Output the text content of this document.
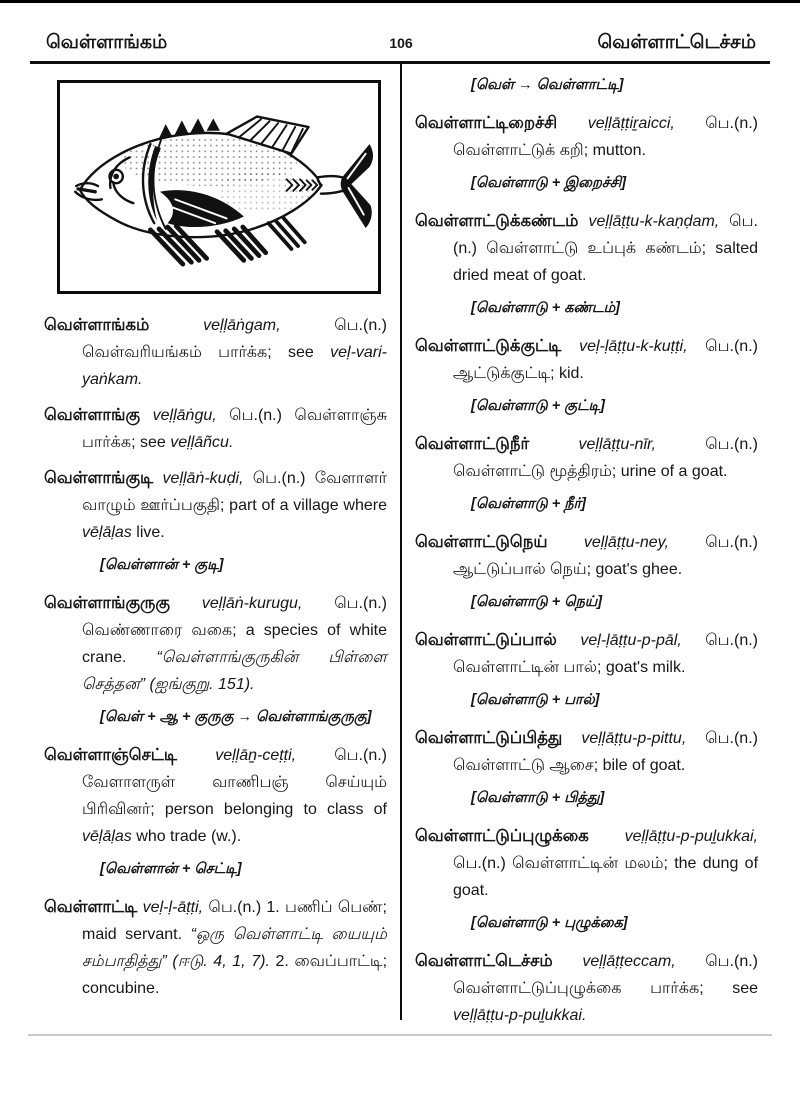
வெள்ளாங்கம்	106	வெள்ளாட்டெச்சம்

வெள்ளாங்கம் veḷḷāṅgam, பெ.(n.) வெள்வரியங்கம் பார்க்க; see veḷ-vari-yaṅkam.

வெள்ளாங்கு veḷḷāṅgu, பெ.(n.) வெள்ளாஞ்சு பார்க்க; see veḷḷāñcu.

வெள்ளாங்குடி veḷḷāṅ-kuḍi, பெ.(n.) வேளாளர் வாழும் ஊர்ப்பகுதி; part of a village where vēḷāḷas live.

[வெள்ளான் + குடி]

வெள்ளாங்குருகு veḷḷāṅ-kurugu, பெ.(n.) வெண்ணாரை வகை; a species of white crane. “வெள்ளாங்குருகின் பிள்ளை செத்தன” (ஐங்குறு. 151).

[வெள் + ஆ + குருகு → வெள்ளாங்குருகு]

வெள்ளாஞ்செட்டி veḷḷāṉ-ceṭṭi, பெ.(n.) வேளாளருள் வாணிபஞ் செய்யும் பிரிவினர்; person belonging to class of vēḷāḷas who trade (w.).

[வெள்ளான் + செட்டி]

வெள்ளாட்டி veḷ-ḷ-āṭṭi, பெ.(n.) 1. பணிப் பெண்; maid servant. “ஒரு வெள்ளாட்டி யையும் சம்பாதித்து” (ஈடு. 4, 1, 7). 2. வைப்பாட்டி; concubine.

[வெள் → வெள்ளாட்டி]

வெள்ளாட்டிறைச்சி veḷḷāṭṭiṟaicci, பெ.(n.) வெள்ளாட்டுக் கறி; mutton.

[வெள்ளாடு + இறைச்சி]

வெள்ளாட்டுக்கண்டம் veḷḷāṭṭu-k-kaṇḍam, பெ.(n.) வெள்ளாட்டு உப்புக் கண்டம்; salted dried meat of goat.

[வெள்ளாடு + கண்டம்]

வெள்ளாட்டுக்குட்டி veḷ-ḷāṭṭu-k-kuṭṭi, பெ.(n.) ஆட்டுக்குட்டி; kid.

[வெள்ளாடு + குட்டி]

வெள்ளாட்டுநீர் veḷḷāṭṭu-nīr, பெ.(n.) வெள்ளாட்டு மூத்திரம்; urine of a goat.

[வெள்ளாடு + நீர்]

வெள்ளாட்டுநெய் veḷḷāṭṭu-ney, பெ.(n.) ஆட்டுப்பால் நெய்; goat's ghee.

[வெள்ளாடு + நெய்]

வெள்ளாட்டுப்பால் veḷ-ḷāṭṭu-p-pāl, பெ.(n.) வெள்ளாட்டின் பால்; goat's milk.

[வெள்ளாடு + பால்]

வெள்ளாட்டுப்பித்து veḷḷāṭṭu-p-pittu, பெ.(n.) வெள்ளாட்டு ஆசை; bile of goat.

[வெள்ளாடு + பித்து]

வெள்ளாட்டுப்புழுக்கை veḷḷāṭṭu-p-puḻukkai, பெ.(n.) வெள்ளாட்டின் மலம்; the dung of goat.

[வெள்ளாடு + புழுக்கை]

வெள்ளாட்டெச்சம் veḷḷāṭṭeccam, பெ.(n.) வெள்ளாட்டுப்புழுக்கை பார்க்க; see veḷḷāṭṭu-p-puḻukkai.
